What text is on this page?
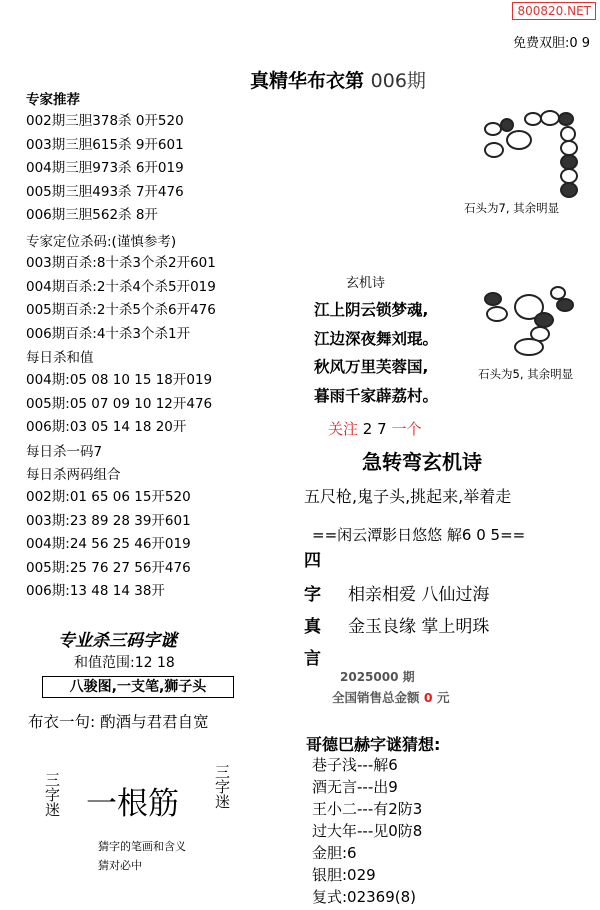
800820.NET
免费双胆:0 9
真精华布衣第 006期
专家推荐
002期三胆378杀 0开520
003期三胆615杀 9开601
004期三胆973杀 6开019
005期三胆493杀 7开476
006期三胆562杀 8开
专家定位杀码:(谨慎参考)
003期百杀:8十杀3个杀2开601
004期百杀:2十杀4个杀5开019
005期百杀:2十杀5个杀6开476
006期百杀:4十杀3个杀1开
每日杀和值
004期:05 08 10 15 18开019
005期:05 07 09 10 12开476
006期:03 05 14 18 20开
每日杀一码7
每日杀两码组合
002期:01 65 06 15开520
003期:23 89 28 39开601
004期:24 56 25 46开019
005期:25 76 27 56开476
006期:13 48 14 38开
专业杀三码字谜
和值范围:12 18
八骏图,一支笔,狮子头
布衣一句: 酌酒与君君自宽
三字迷 一根筋 三字迷
猜字的笔画和含义
猜对必中
石头为7, 其余明显
玄机诗
江上阴云锁梦魂,
江边深夜舞刘琨。
秋风万里芙蓉国,
暮雨千家薜荔村。
石头为5, 其余明显
关注 2 7 一个
急转弯玄机诗
五尺枪,鬼子头,挑起来,举着走
==闲云潭影日悠悠 解6 0 5==
四
字 相亲相爱 八仙过海
真 金玉良缘 掌上明珠
言
2025000 期
全国销售总金额 0 元
哥德巴赫字谜猜想:
巷子浅---解6
酒无言---出9
王小二---有2防3
过大年---见0防8
金胆:6
银胆:029
复式:02369(8)
